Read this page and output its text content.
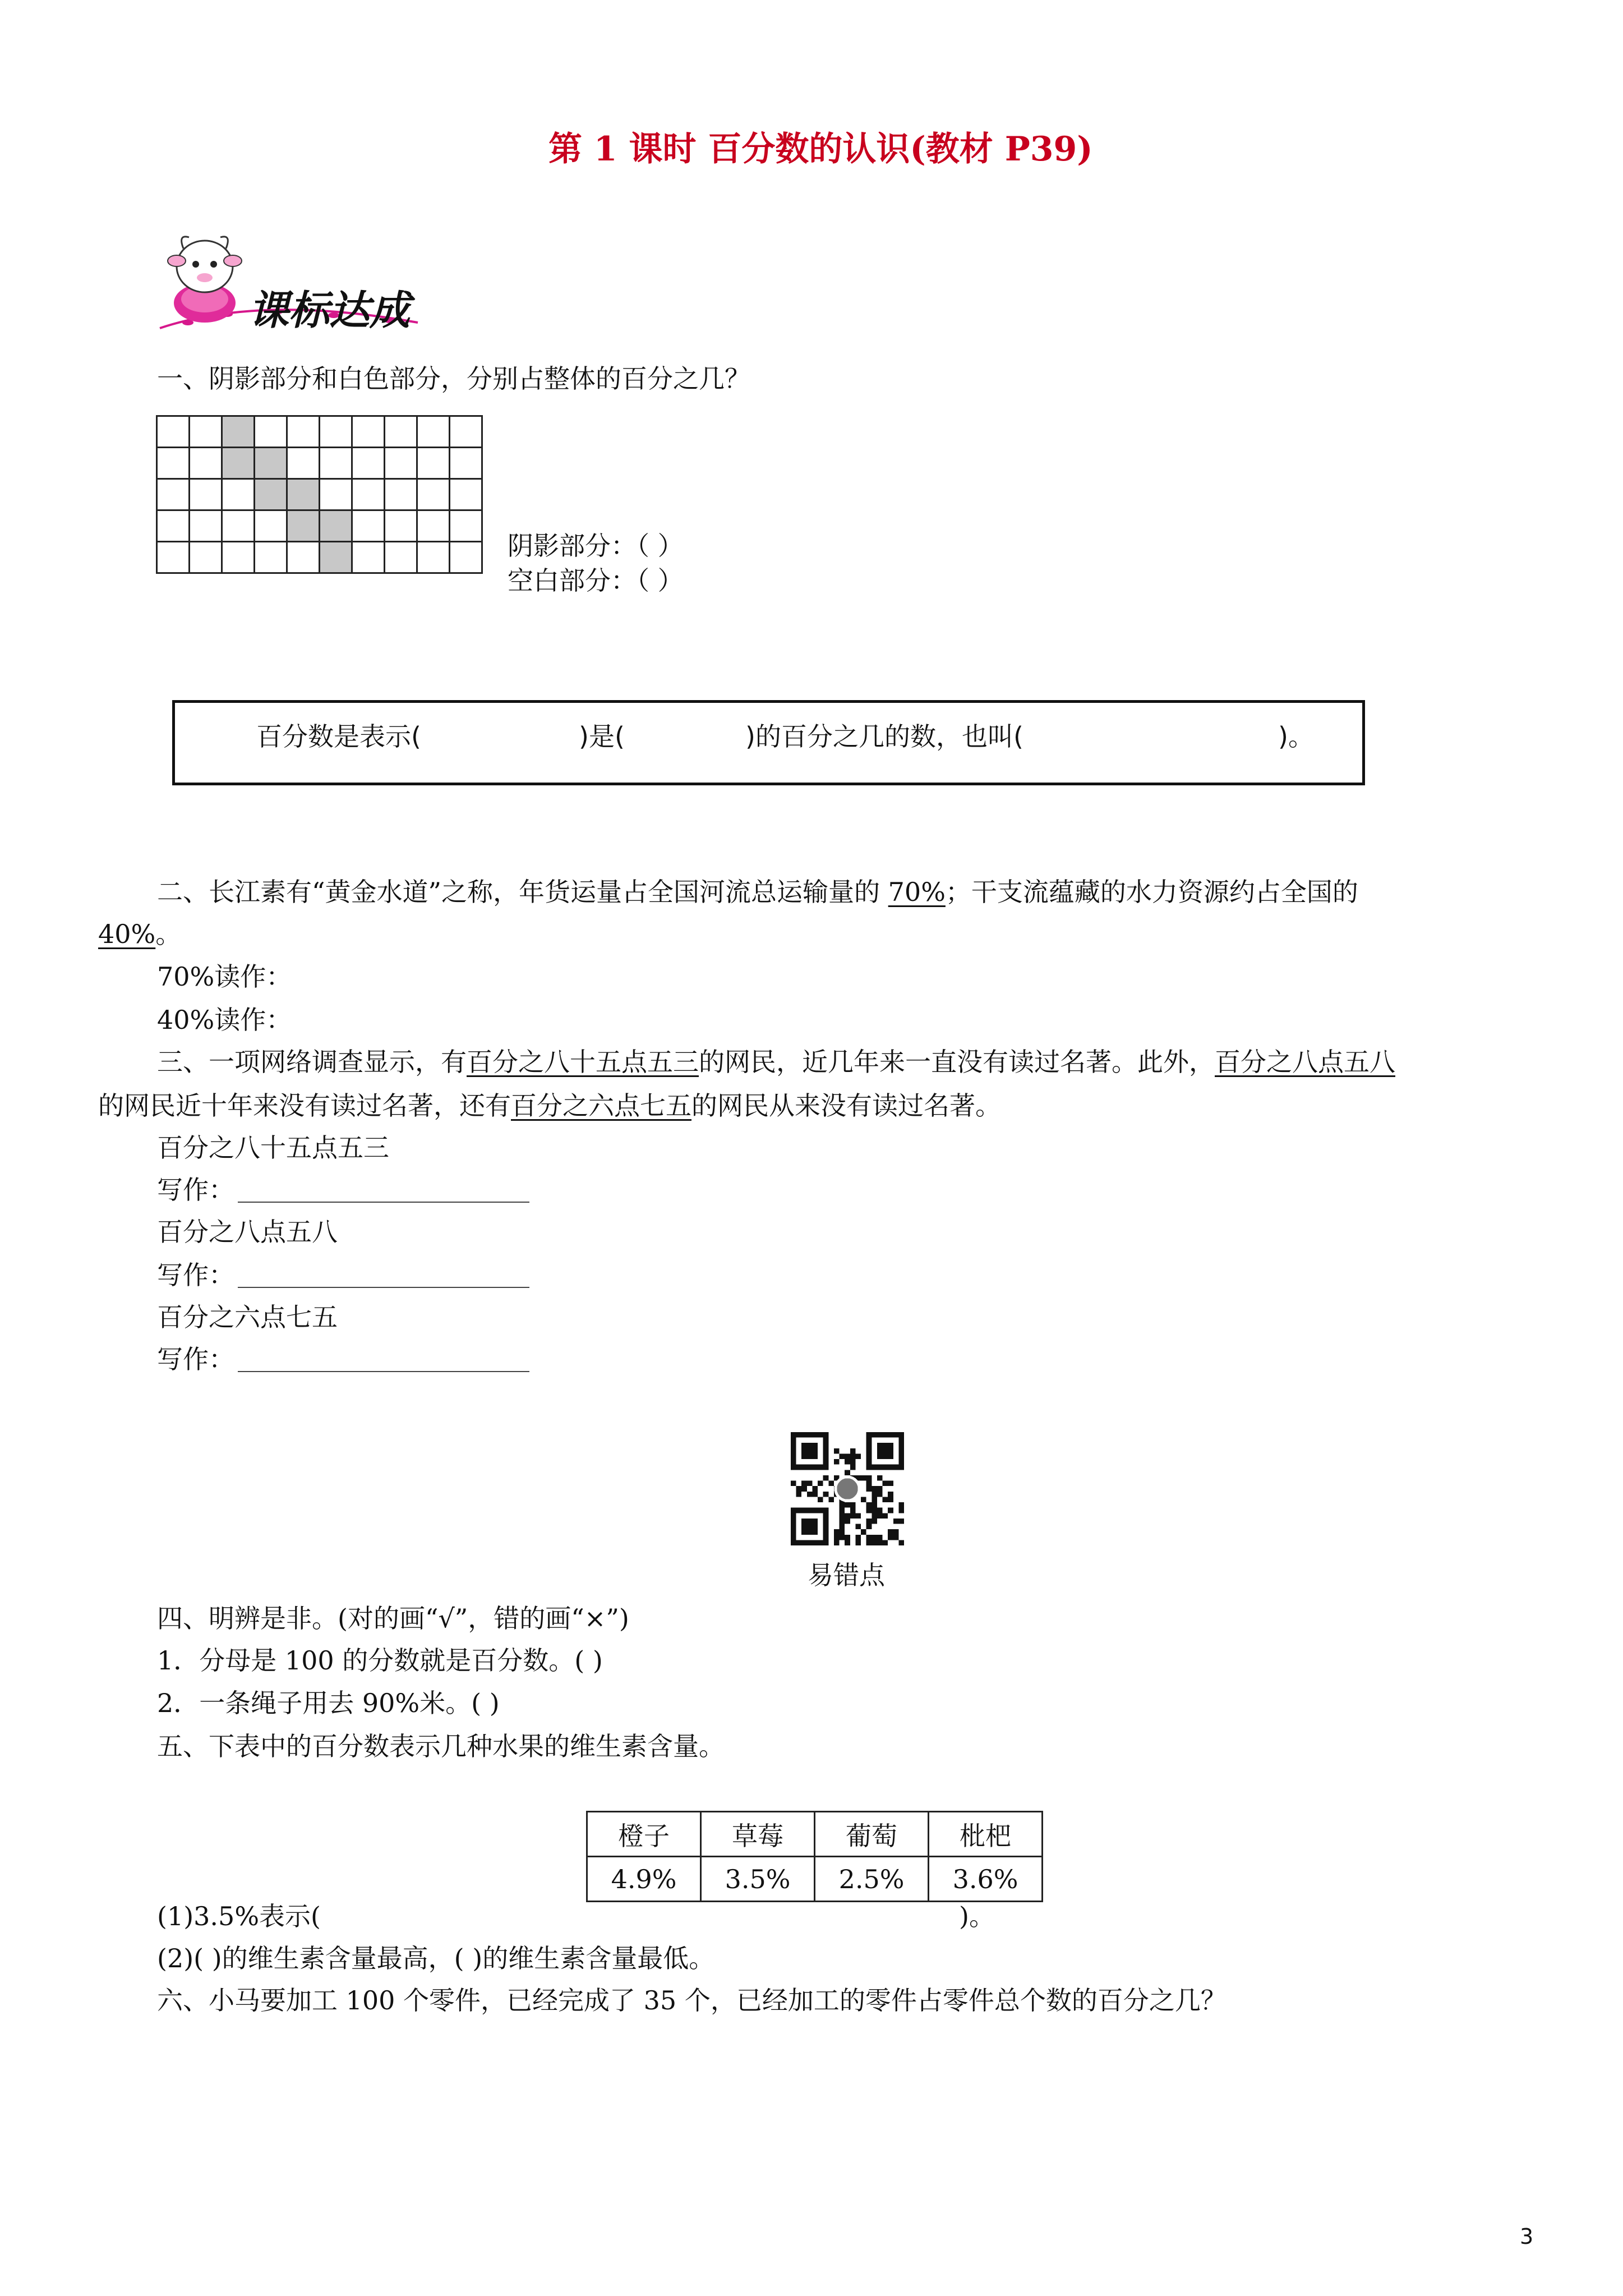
第 1 课时 百分数的认识(教材 P39)
课标达成
一、阴影部分和白色部分，分别占整体的百分之几？

阴影部分：（ ）
空白部分：（ ）
百分数是表示(	)是(	)的百分之几的数，也叫(	)。
二、长江素有“黄金水道”之称，年货运量占全国河流总运输量的 70%；干支流蕴藏的水力资源约占全国的
40%。
70%读作：
40%读作：
三、一项网络调查显示，有百分之八十五点五三的网民，近几年来一直没有读过名著。此外，百分之八点五八
的网民近十年来没有读过名著，还有百分之六点七五的网民从来没有读过名著。
百分之八十五点五三
写作：
百分之八点五八
写作：
百分之六点七五
写作：
易错点
四、明辨是非。(对的画“√”，错的画“×”)
1．分母是 100 的分数就是百分数。( )
2．一条绳子用去 90%米。( )
五、下表中的百分数表示几种水果的维生素含量。
橙子	草莓	葡萄	枇杷
4.9%	3.5%	2.5%	3.6%
(1)3.5%表示(	)。
(2)( )的维生素含量最高，( )的维生素含量最低。
六、小马要加工 100 个零件，已经完成了 35 个，已经加工的零件占零件总个数的百分之几？
3
